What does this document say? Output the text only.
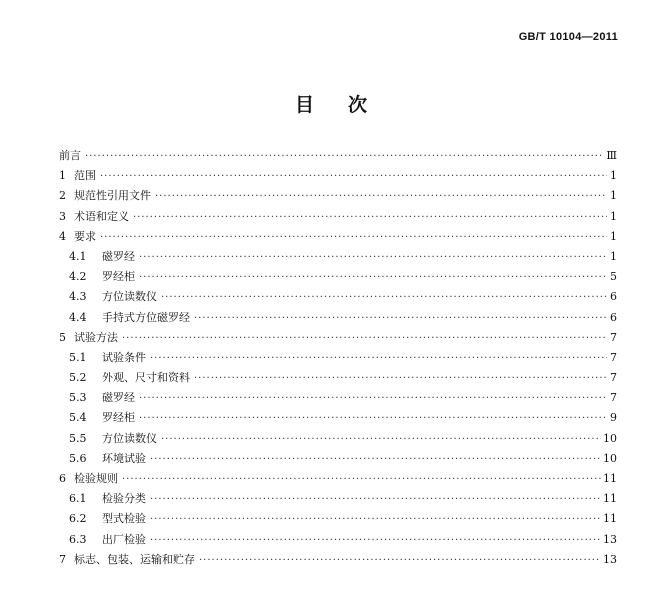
GB/T 10104—2011
目次
前言 ·····	Ⅲ
1 范围 ·····	1
2 规范性引用文件 ·····	1
3 术语和定义 ·····	1
4 要求 ·····	1
4.1	磁罗经 ·····	1
4.2	罗经柜 ·····	5
4.3	方位读数仪 ·····	6
4.4	手持式方位磁罗经 ·····	6
5 试验方法 ·····	7
5.1	试验条件 ·····	7
5.2	外观、尺寸和资料 ·····	7
5.3	磁罗经 ·····	7
5.4	罗经柜 ·····	9
5.5	方位读数仪 ·····	10
5.6	环境试验 ·····	10
6 检验规则 ·····	11
6.1	检验分类 ·····	11
6.2	型式检验 ·····	11
6.3	出厂检验 ·····	13
7 标志、包装、运输和贮存 ·····	13
